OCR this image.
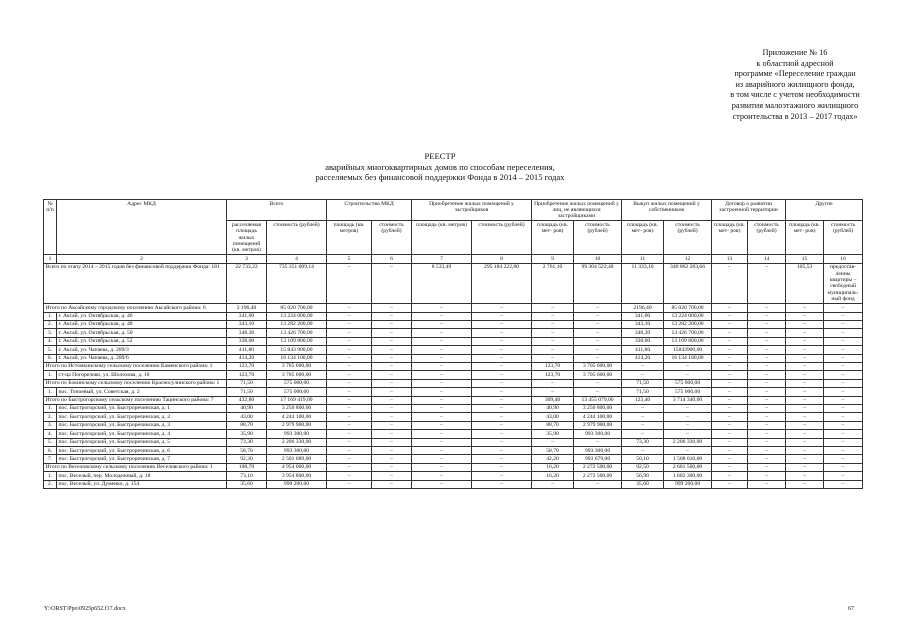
Приложение № 16
к областной адресной
программе «Переселение граждан
из аварийного жилищного фонда,
в том числе с учетом необходимости
развития малоэтажного жилищного
строительства в 2013 – 2017 годах»
РЕЕСТР
аварийных многоквартирных домов по способам переселения,
расселяемых без финансовой поддержки Фонда в 2014 – 2015 годах
№ п/п	Адрес МКД	Всего		Строительство МКД		Приобретение жилых помещений у застройщиков		Приобретение жилых помещений у лиц, не являющихся застройщиками		Выкуп жилых помещений у собственников		Договор о развитии застроенной территории		Другие	
		расселяемая площадь жилых помещений (кв. метров)	стоимость (рублей)	площадь (кв. метров)	стоимость (рублей)	площадь (кв. метров)	стоимость (рублей)	площадь (кв. мет- ров)	стоимость (рублей)	площадь (кв. мет- ров)	стоимость (рублей)	площадь (кв. мет- ров)	стоимость (рублей)	площадь (кв. мет- ров)	стоимость (рублей)
1	2	3	4	5	6	7	8	9	10	11	12	13	14	15	16
Всего по этапу 2014 – 2015 годов без финансовой поддержки Фонда: 181		22 733,22	735 351 009,14	–	–	8 533,49	295 184 222,80	2 761,10	99 304 522,48	11 333,10	340 862 283,66	–	–	105,53	предостав-ленны квартиры – свободный муниципаль-ный фонд
Итого по Аксайскому городскому поселению Аксайского района: 6		2 196,40	85 020 700,00	–	–	–	–	–	–	2196,40	85 020 700,00	–	–	–	–
1.	г. Аксай, ул. Октябрьская, д. 46	341,00	13 224 000,00	–	–	–	–	–	–	341,00	13 224 000,00	–	–	–	–
2.	г. Аксай, ул. Октябрьская, д. 48	343,10	13 282 200,00	–	–	–	–	–	–	343,10	13 282 200,00	–	–	–	–
3.	г. Аксай, ул. Октябрьская, д. 50	348,30	13 426 700,00	–	–	–	–	–	–	348,30	13 426 700,00	–	–	–	–
4.	г. Аксай, ул. Октябрьская, д. 52	338,00	13 109 800,00	–	–	–	–	–	–	338,00	13 109 800,00	–	–	–	–
5.	г. Аксай, ул. Чапаева, д. 289/3	411,80	15 843 900,00	–	–	–	–	–	–	411,80	15843900,00	–	–	–	–
6.	г. Аксай, ул. Чапаева, д. 289/6	414,20	16 134 100,00	–	–	–	–	–	–	414,20	16 134 100,00	–	–	–	–
Итого по Истомкинскому сельскому поселению Каменского района: 1		123,70	3 705 600,00	–	–	–	–	123,70	3 705 600,00	–	–	–	–	–	–
1.	ст-ца Погорелово, ул. Шолохова, д. 10	123,70	3 705 600,00	–	–	–	–	123,70	3 705 600,00	–	–	–	–	–	–
Итого по Бокинскому сельскому поселению Красносулинского района: 1		71,50	575 000,00	–	–	–	–	–	–	71,50	575 000,00	–	–	–	–
1.	пос. Топоевый, ул. Советская, д. 2	71,50	575 000,00	–	–	–	–	–	–	71,50	575 000,00	–	–	–	–
Итого по Быстрогорскому сельскому поселению Тацинского района: 7		432,80	17 169 419,00	–	–	–	–	309,40	13 455 079,00	123,40	3 714 340,00	–	–	–	–
1.	пос. Быстрогорский, ул. Быстроречинская, д. 1	40,90	3 250 800,00	–	–	–	–	40,90	3 250 800,00	–	–	–	–	–	–
2.	пос. Быстрогорский, ул. Быстроречинская, д. 2	43,00	4 244 100,00	–	–	–	–	43,00	4 244 100,00	–	–	–	–	–	–
3.	пос. Быстрогорский, ул. Быстроречинская, д. 3	88,70	2 979 900,00	–	–	–	–	88,70	2 979 900,00	–	–	–	–	–	–
4.	пос. Быстрогорский, ул. Быстроречинская, д. 4	35,90	993 300,00	–	–	–	–	35,90	993 300,00	–	–	–	–	–	–
5.	пос. Быстрогорский, ул. Быстроречинская, д. 5	73,30	2 206 330,00	–	–	–	–	–	–	73,30	2 206 330,00	–	–	–	–
6.	пос. Быстрогорский, ул. Быстроречинская, д. 6	58,70	993 300,00	–	–	–	–	58,70	993 300,00	–	–	–	–	–	–
7.	пос. Быстрогорский, ул. Быстроречинская, д. 7	92,30	2 501 689,00	–	–	–	–	42,20	993 679,00	50,10	1 508 010,00	–	–	–	–
Итого по Веселовскому сельскому поселению Веселовского района: 1		108,70	4 954 000,00	–	–	–	–	16,20	2 272 500,00	92,50	2 681 500,00	–	–	–	–
1.	пос. Веселый, пер. Молодежный, д. 18	73,10	3 954 800,00	–	–	–	–	16,20	2 272 500,00	56,90	1 682 300,00	–	–	–	–
2.	пос. Веселый, ул. Думенко, д. 154	35,60	999 200,00	–	–	–	–	–	–	35,60	999 200,00	–	–	–	–
Y:\ORST\Ppo\0925p652.f17.docx	67
